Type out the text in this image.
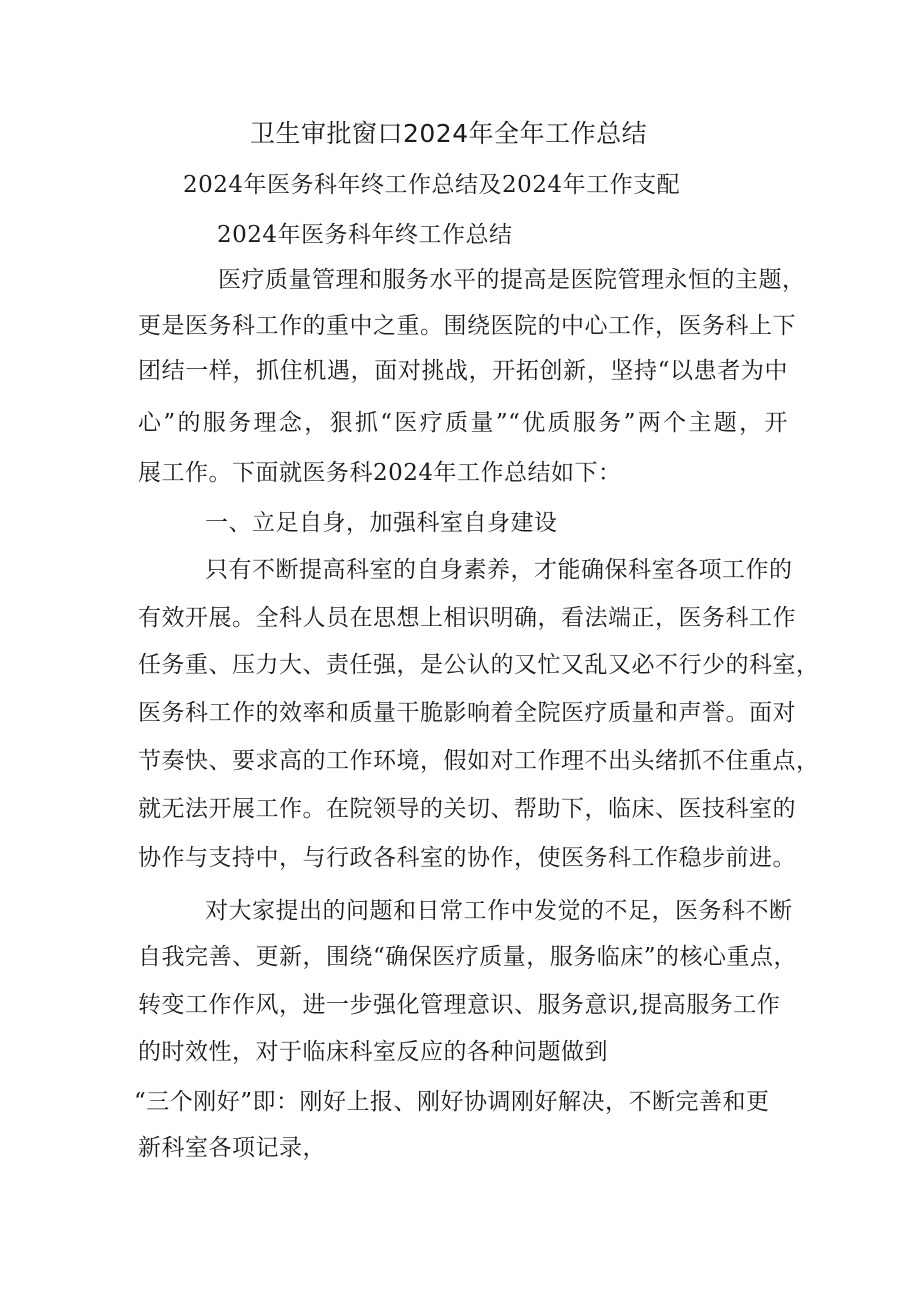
卫生审批窗口2024年全年工作总结
2024年医务科年终工作总结及2024年工作支配
2024年医务科年终工作总结
医疗质量管理和服务水平的提高是医院管理永恒的主题，
更是医务科工作的重中之重。围绕医院的中心工作，医务科上下
团结一样，抓住机遇，面对挑战，开拓创新，坚持“以患者为中
心”的服务理念，狠抓“医疗质量”“优质服务”两个主题，开
展工作。下面就医务科2024年工作总结如下：
一、立足自身，加强科室自身建设
只有不断提高科室的自身素养，才能确保科室各项工作的
有效开展。全科人员在思想上相识明确，看法端正，医务科工作
任务重、压力大、责任强，是公认的又忙又乱又必不行少的科室，
医务科工作的效率和质量干脆影响着全院医疗质量和声誉。面对
节奏快、要求高的工作环境，假如对工作理不出头绪抓不住重点，
就无法开展工作。在院领导的关切、帮助下，临床、医技科室的
协作与支持中，与行政各科室的协作，使医务科工作稳步前进。
对大家提出的问题和日常工作中发觉的不足，医务科不断
自我完善、更新，围绕“确保医疗质量，服务临床”的核心重点，
转变工作作风，进一步强化管理意识、服务意识,提高服务工作
的时效性，对于临床科室反应的各种问题做到
“三个刚好”即：刚好上报、刚好协调刚好解决，不断完善和更
新科室各项记录，
